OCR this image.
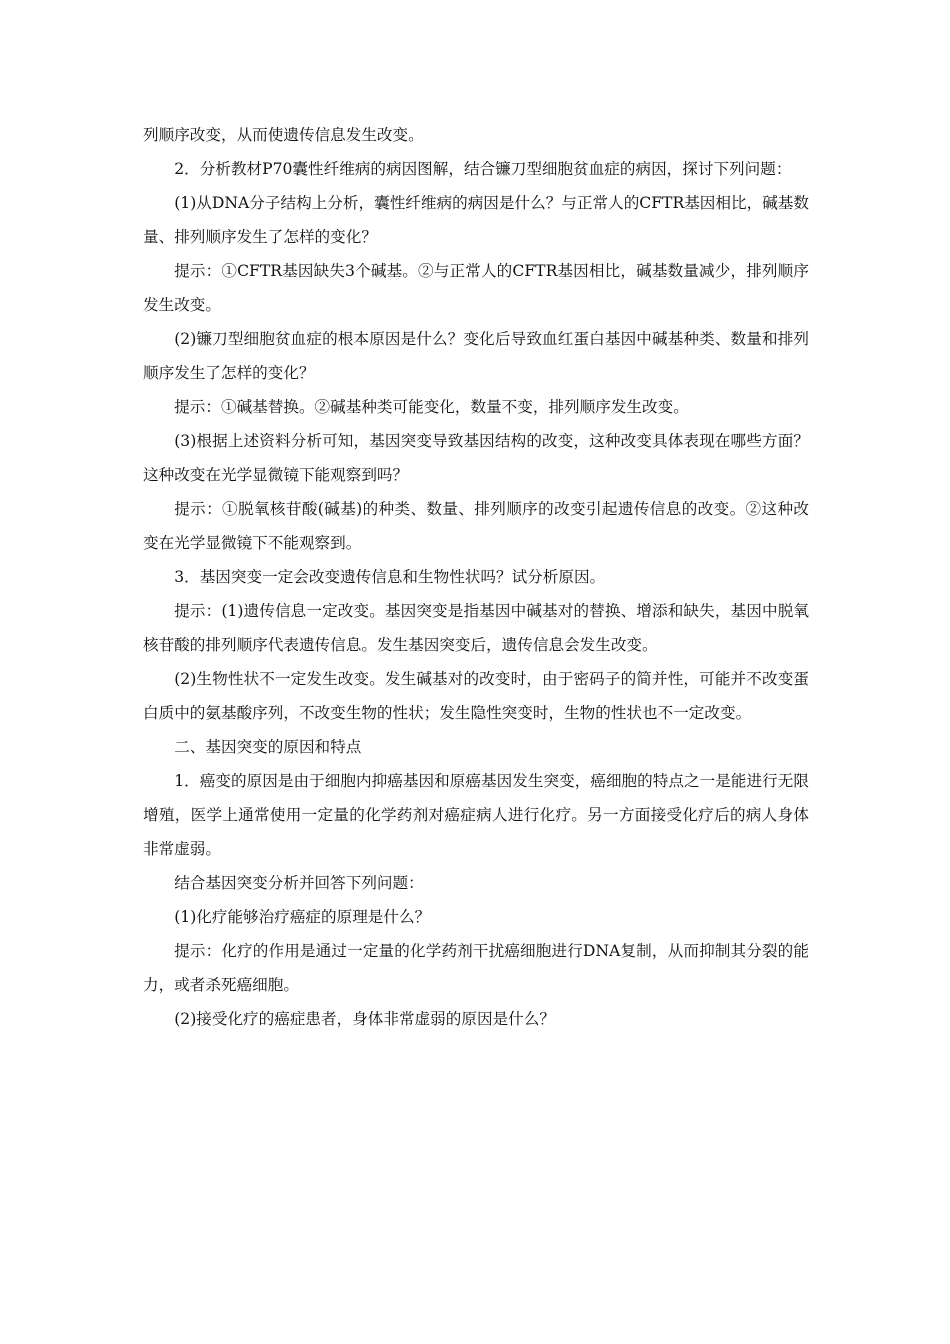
列顺序改变，从而使遗传信息发生改变。

2．分析教材P70囊性纤维病的病因图解，结合镰刀型细胞贫血症的病因，探讨下列问题：

(1)从DNA分子结构上分析，囊性纤维病的病因是什么？与正常人的CFTR基因相比，碱基数量、排列顺序发生了怎样的变化？

提示：①CFTR基因缺失3个碱基。②与正常人的CFTR基因相比，碱基数量减少，排列顺序发生改变。

(2)镰刀型细胞贫血症的根本原因是什么？变化后导致血红蛋白基因中碱基种类、数量和排列顺序发生了怎样的变化？

提示：①碱基替换。②碱基种类可能变化，数量不变，排列顺序发生改变。

(3)根据上述资料分析可知，基因突变导致基因结构的改变，这种改变具体表现在哪些方面？这种改变在光学显微镜下能观察到吗？

提示：①脱氧核苷酸(碱基)的种类、数量、排列顺序的改变引起遗传信息的改变。②这种改变在光学显微镜下不能观察到。

3．基因突变一定会改变遗传信息和生物性状吗？试分析原因。

提示：(1)遗传信息一定改变。基因突变是指基因中碱基对的替换、增添和缺失，基因中脱氧核苷酸的排列顺序代表遗传信息。发生基因突变后，遗传信息会发生改变。

(2)生物性状不一定发生改变。发生碱基对的改变时，由于密码子的简并性，可能并不改变蛋白质中的氨基酸序列，不改变生物的性状；发生隐性突变时，生物的性状也不一定改变。

二、基因突变的原因和特点

1．癌变的原因是由于细胞内抑癌基因和原癌基因发生突变，癌细胞的特点之一是能进行无限增殖，医学上通常使用一定量的化学药剂对癌症病人进行化疗。另一方面接受化疗后的病人身体非常虚弱。

结合基因突变分析并回答下列问题：

(1)化疗能够治疗癌症的原理是什么？

提示：化疗的作用是通过一定量的化学药剂干扰癌细胞进行DNA复制，从而抑制其分裂的能力，或者杀死癌细胞。

(2)接受化疗的癌症患者，身体非常虚弱的原因是什么？
